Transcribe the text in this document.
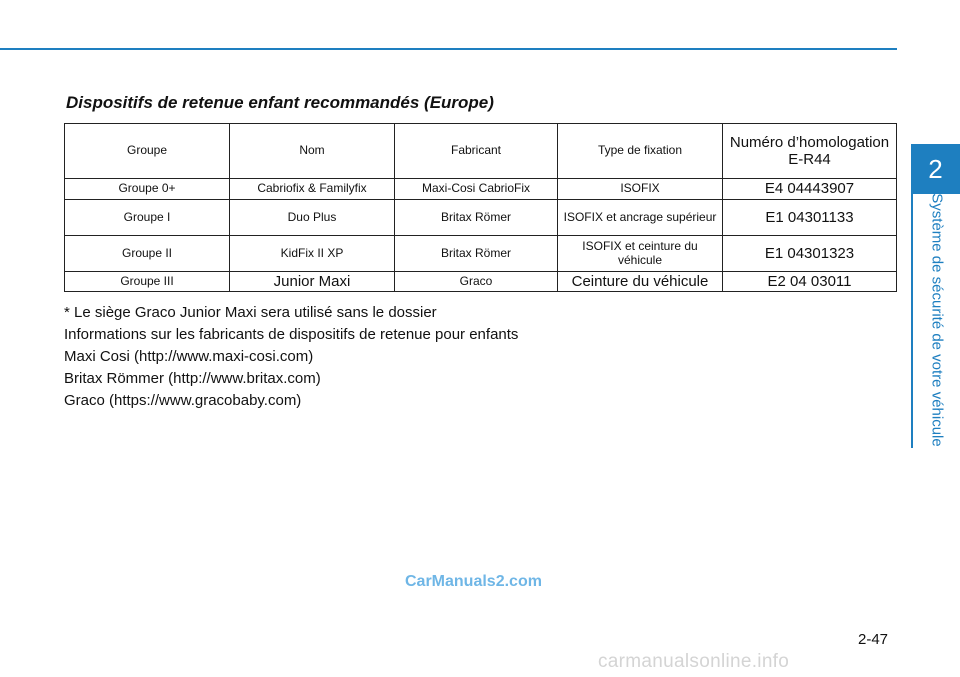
2
Système de sécurité de votre véhicule
Dispositifs de retenue enfant recommandés (Europe)
Groupe	Nom	Fabricant	Type de fixation	Numéro d’homologation E-R44
Groupe 0+	Cabriofix & Familyfix	Maxi-Cosi CabrioFix	ISOFIX	E4 04443907
Groupe I	Duo Plus	Britax Römer	ISOFIX et ancrage supérieur	E1 04301133
Groupe II	KidFix II XP	Britax Römer	ISOFIX et ceinture du véhicule	E1 04301323
Groupe III	Junior Maxi	Graco	Ceinture du véhicule	E2 04 03011

* Le siège Graco Junior Maxi sera utilisé sans le dossier

Informations sur les fabricants de dispositifs de retenue pour enfants

Maxi Cosi (http://www.maxi-cosi.com)

Britax Römmer (http://www.britax.com)

Graco (https://www.gracobaby.com)

CarManuals2.com
2-47
carmanualsonline.info
